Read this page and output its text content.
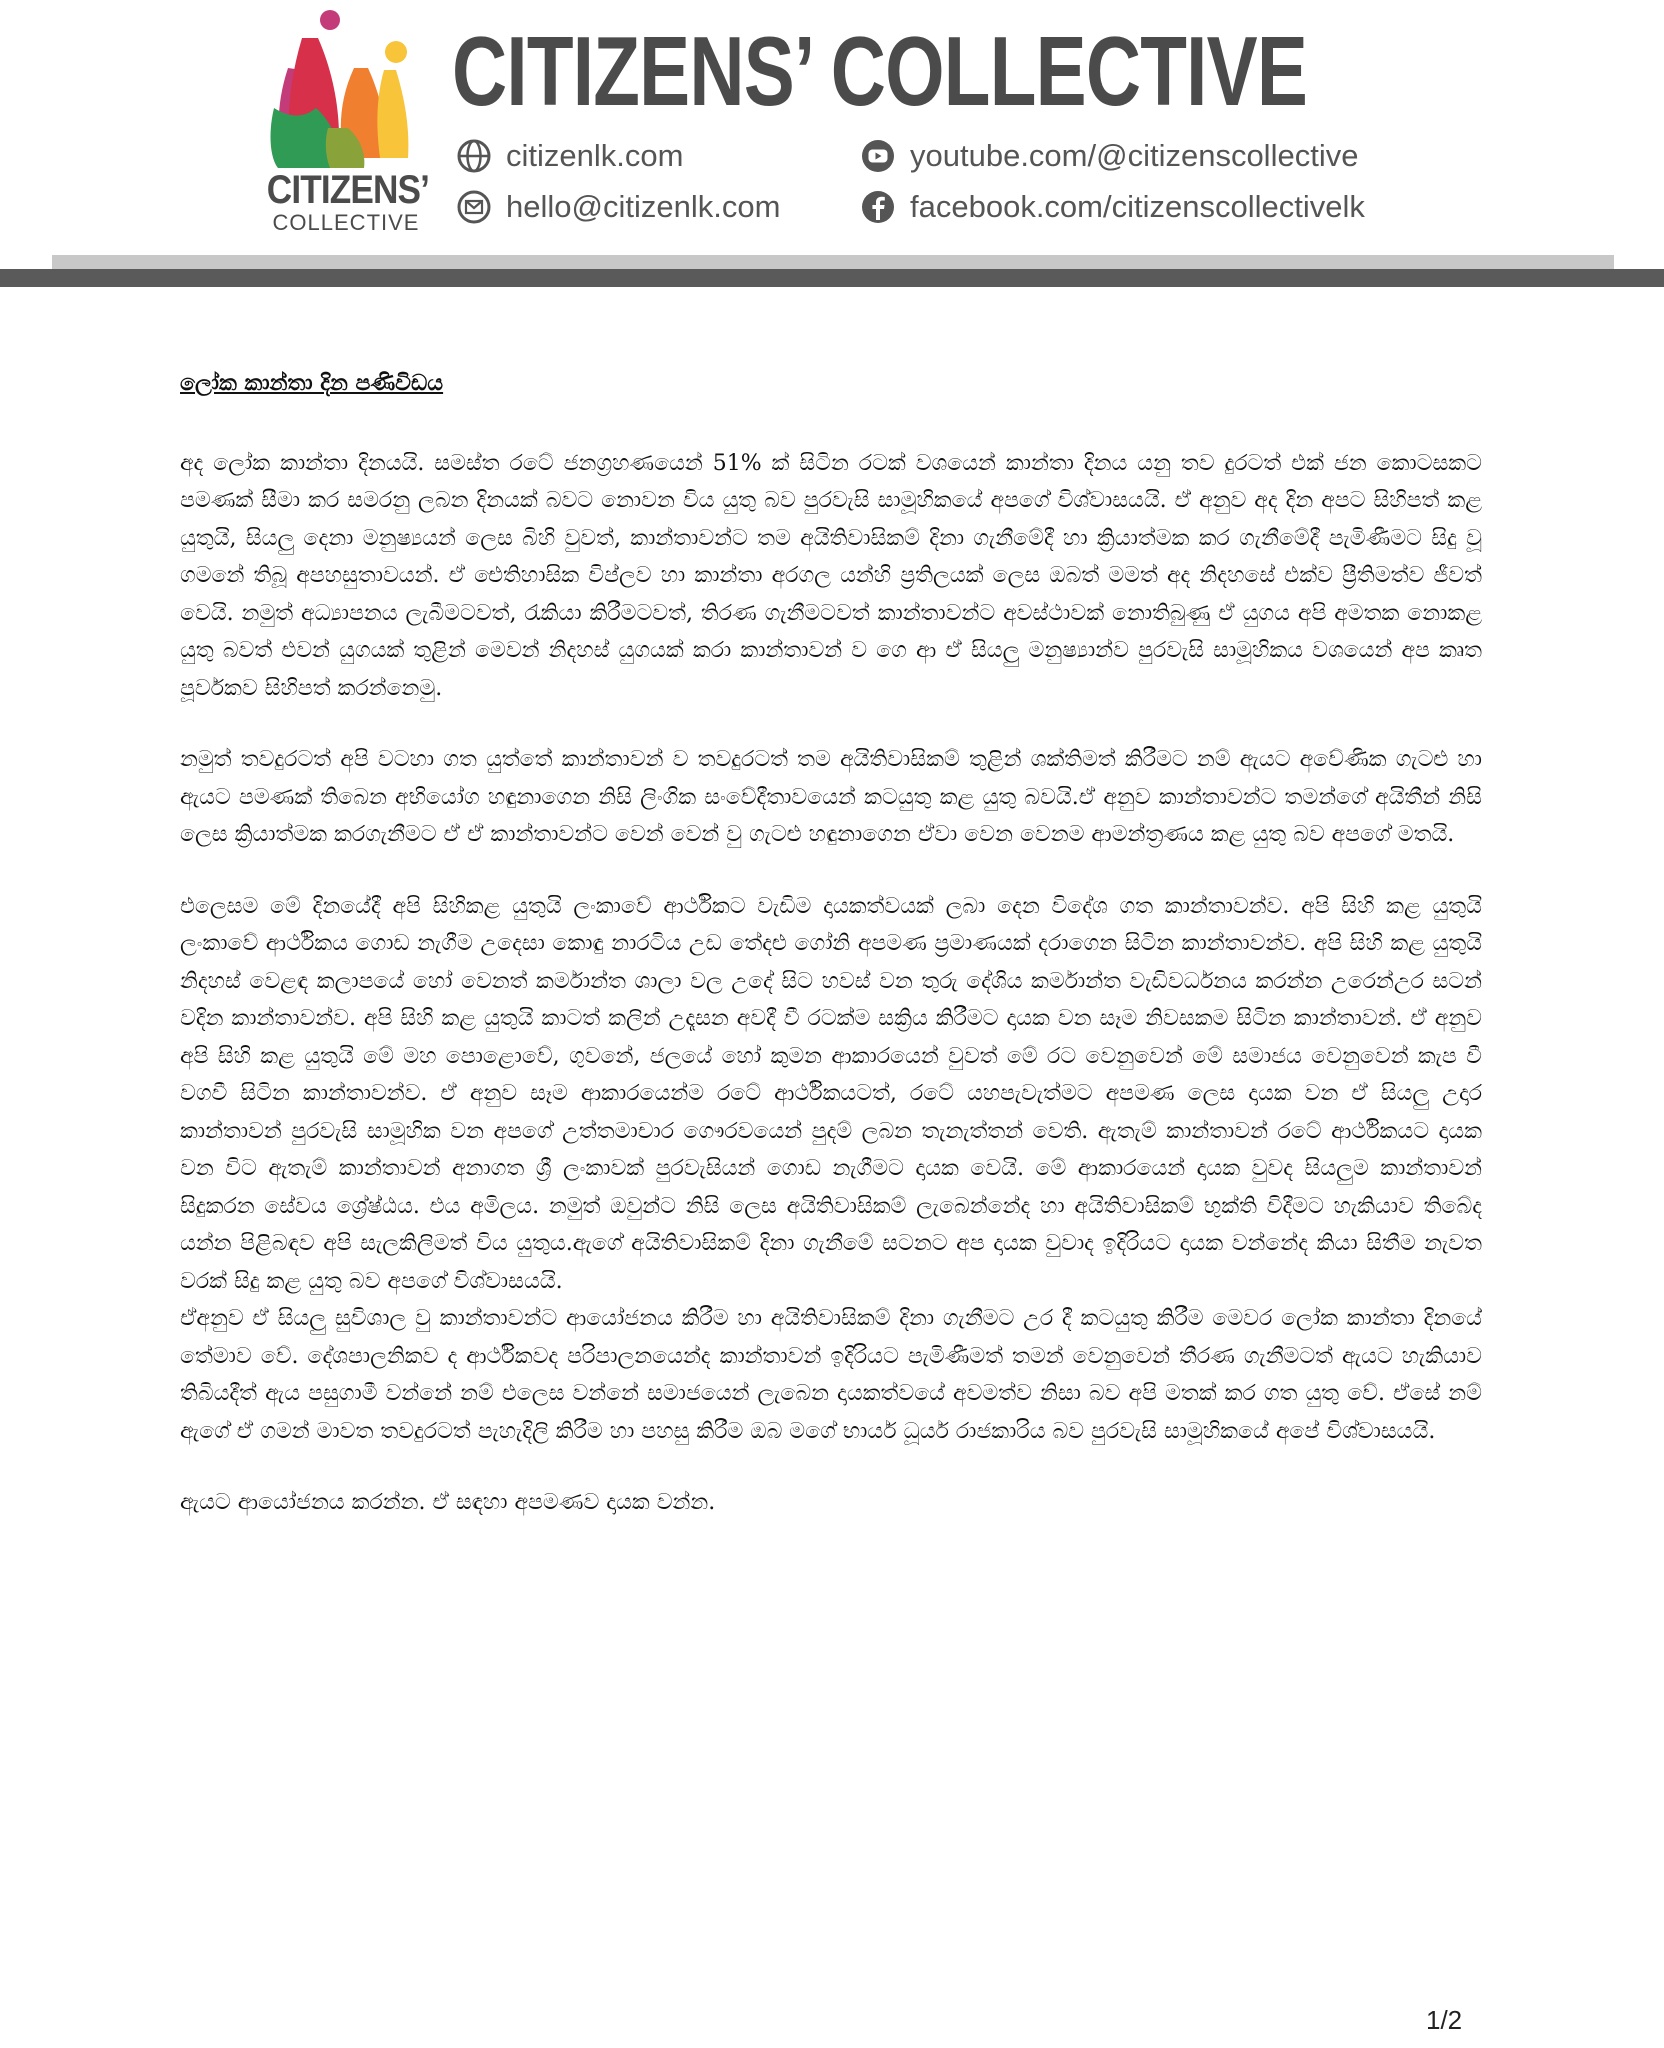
CITIZENS’
COLLECTIVE
CITIZENS’ COLLECTIVE
citizenlk.com
hello@citizenlk.com
youtube.com/@citizenscollective
facebook.com/citizenscollectivelk
ලෝක කාන්තා දින පණිවිඩය

අද ලෝක කාන්තා දිනයයි. සමස්ත රටේ ජනග්‍රහණයෙන් 51% ක් සිටින රටක් වශයෙන් කාන්තා දිනය යනු තව දුරටත් එක් ජන කොටසකට පමණක් සීමා කර සමරනු ලබන දිනයක් බවට නොවන විය යුතු බව පුරවැසි සාමූහිකයේ අපගේ විශ්වාසයයි. ඒ අනුව අද දින අපට සිහිපත් කළ යුතුයි, සියලු දෙනා මනුෂ්‍යයන් ලෙස බිහි වුවත්, කාන්තාවන්ට තම අයිතිවාසිකම් දිනා ගැනීමේදී හා ක්‍රියාත්මක කර ගැනීමේදී පැමිණීමට සිදු වූ ගමනේ තිබූ අපහසුතාවයන්. ඒ ඓතිහාසික විප්ලව හා කාන්තා අරගල යන්හි ප්‍රතිලයක් ලෙස ඔබත් මමත් අද නිදහසේ එක්ව ප්‍රීතිමත්ව ජීවත් වෙයි. නමුත් අධ්‍යාපනය ලැබීමටවත්, රැකියා කිරීමටවත්, තිරණ ගැනීමටවත් කාන්තාවන්ට අවස්ථාවක් නොතිබුණු ඒ යුගය අපි අමතක නොකළ යුතු බවත් එවන් යුගයක් තුළින් මෙවන් නිදහස් යුගයක් කරා කාන්තාවන් ව ගෙ ආ ඒ සියලු මනුෂ්‍යාන්ව පුරවැසි සාමූහිකය වශයෙන් අප කෘත පූර්වකව සිහිපත් කරන්නෙමු.

නමුත් තවදුරටත් අපි වටහා ගත යුත්තේ කාන්තාවන් ව තවදුරටත් තම අයිතිවාසිකම් තුළින් ශක්තිමත් කිරීමට නම් ඇයට අවේණික ගැටළු හා ඇයට පමණක් තිබෙන අභියෝග හඳුනාගෙන නිසි ලිංගික සංවේදීතාවයෙන් කටයුතු කළ යුතු බවයි.ඒ අනුව කාන්තාවන්ට තමන්ගේ අයිතීන් නිසි ලෙස ක්‍රියාත්මක කරගැනීමට ඒ ඒ කාන්තාවන්ට වෙන් වෙන් වු ගැටළු හඳුනාගෙන ඒවා වෙන වෙනම ආමන්ත්‍රණය කළ යුතු බව අපගේ මතයි.

එලෙසම මේ දිනයේදී අපි සිහිකළ යුතුයි ලංකාවේ ආර්ථිකට වැඩිම දායකත්වයක් ලබා දෙන විදේශ ගත කාන්තාවන්ව. අපි සිහි කළ යුතුයි ලංකාවේ ආර්ථිකය ගොඩ නැගීම උදෙසා කොඳු නාරටිය උඩ තේදළු ගෝනි අපමණ ප්‍රමාණයක් දරාගෙන සිටින කාන්තාවන්ව. අපි සිහි කළ යුතුයි නිදහස් වෙළඳ කලාපයේ හෝ වෙනත් කර්මාන්ත ශාලා වල උදේ සිට හවස් වන තුරු දේශිය කර්මාන්ත වැඩිවර්ධනය කරන්න උරෙන්උර සටන් වදින කාන්තාවන්ව. අපි සිහි කළ යුතුයි කාටත් කලින් උදෑසන අවදී වී රටක්ම සක්‍රිය කිරීමට දායක වන සෑම නිවසකම සිටින කාන්තාවන්. ඒ අනුව අපි සිහි කළ යුතුයි මේ මහ පොළොවේ, ගුවනේ, ජලයේ හෝ කුමන ආකාරයෙන් වුවත් මේ රට වෙනුවෙන් මේ සමාජය වෙනුවෙන් කැප වී වගවී සිටින කාන්තාවන්ව. ඒ අනුව සෑම ආකාරයෙන්ම රටේ ආර්ථිකයටත්, රටේ යහපැවැත්මට අපමණ ලෙස දායක වන ඒ සියලු උදාර කාන්තාවන් පුරවැසි සාමූහික වන අපගේ උත්තමාචාර ගෞරවයෙන් පුදම් ලබන තැනැත්තන් වෙති. ඇතැම් කාන්තාවන් රටේ ආර්ථිකයට දායක වන විට ඇතැම් කාන්තාවන් අනාගත ශ්‍රී ලංකාවක් පුරවැසියන් ගොඩ නැගීමට දායක වෙයි. මේ ආකාරයෙන් දායක වුවද සියලුම කාන්තාවන් සිදුකරන සේවය ශ්‍රේෂ්ඨය. එය අමිලය. නමුත් ඔවුන්ට නිසි ලෙස අයිතිවාසිකම් ලැබෙන්නේද හා අයිතිවාසිකම් භුක්ති විදීමට හැකියාව තිබේද යන්න පිළිබඳව අපි සැලකිලිමත් විය යුතුය.ඇගේ අයිතිවාසිකම් දිනා ගැනීමේ සටනට අප දායක වුවාද ඉදිරියට දායක වන්නේද කියා සිතීම නැවත වරක් සිදු කළ යුතු බව අපගේ විශ්වාසයයි.

ඒඅනුව ඒ සියලු සුවිශාල වු කාන්තාවන්ට ආයෝජනය කිරීම හා අයිතිවාසිකම් දිනා ගැනීමට උර දී කටයුතු කිරීම මෙවර ලෝක කාන්තා දිනයේ තේමාව වේ. දේශපාලනිකව ද ආර්ථිකවද පරිපාලනයෙන්ද කාන්තාවන් ඉදිරියට පැමිණීමත් තමන් වෙනුවෙන් තීරණ ගැනීමටත් ඇයට හැකියාව තිබියදීත් ඇය පසුගාමී වන්නේ නම් එලෙස වන්නේ සමාජයෙන් ලැබෙන දායකත්වයේ අවමත්ව නිසා බව අපි මතක් කර ගත යුතු වේ. ඒසේ නම් ඇගේ ඒ ගමන් මාවත තවදුරටත් පැහැදිලි කිරීම හා පහසු කිරීම ඔබ මගේ භාර්ය ධූර්ය රාජකාරිය බව පුරවැසි සාමූහිකයේ අපේ විශ්වාසයයි.

ඇයට ආයෝජනය කරන්න. ඒ සඳහා අපමණව දායක වන්න.

1/2
